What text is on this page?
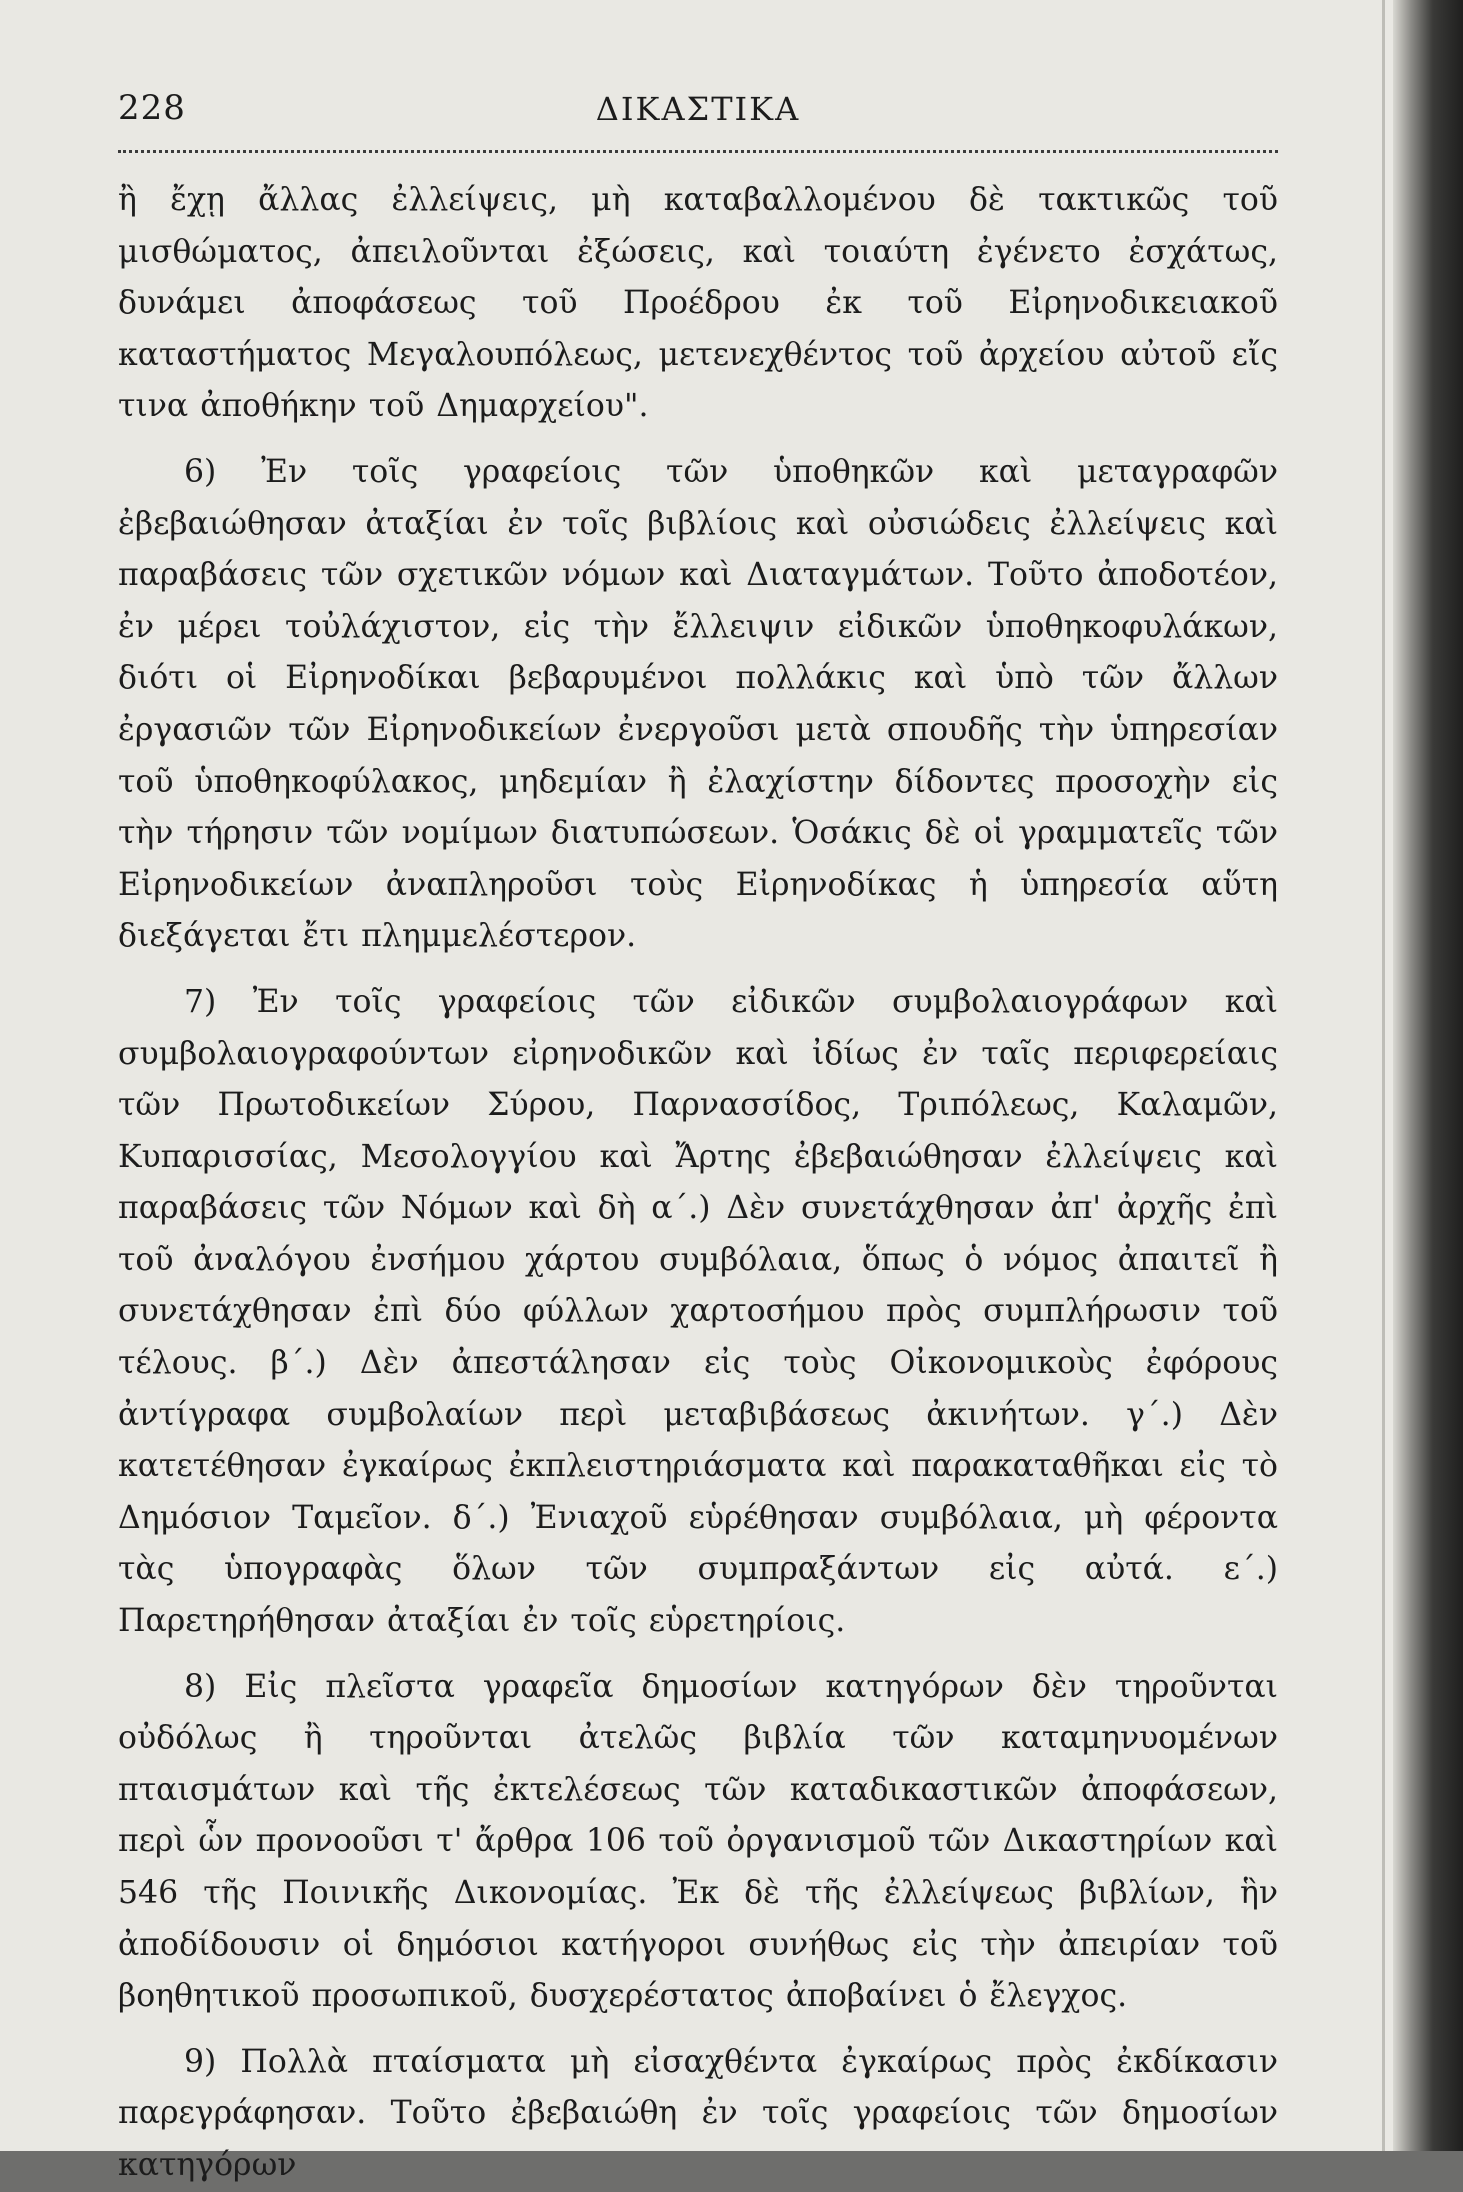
228	ΔΙΚΑΣΤΙΚΑ

ἢ ἔχῃ ἄλλας ἐλλείψεις, μὴ καταβαλλομένου δὲ τακτικῶς τοῦ μισθώματος, ἀπειλοῦνται ἐξώσεις, καὶ τοιαύτη ἐγένετο ἐσχάτως, δυνάμει ἀποφάσεως τοῦ Προέδρου ἐκ τοῦ Εἰρηνοδικειακοῦ καταστήματος Μεγαλουπόλεως, μετενεχθέντος τοῦ ἀρχείου αὐτοῦ εἴς τινα ἀποθήκην τοῦ Δημαρχείου".

6) Ἐν τοῖς γραφείοις τῶν ὑποθηκῶν καὶ μεταγραφῶν ἐβεβαιώθησαν ἀταξίαι ἐν τοῖς βιβλίοις καὶ οὐσιώδεις ἐλλείψεις καὶ παραβάσεις τῶν σχετικῶν νόμων καὶ Διαταγμάτων. Τοῦτο ἀποδοτέον, ἐν μέρει τοὐλάχιστον, εἰς τὴν ἔλλειψιν εἰδικῶν ὑποθηκοφυλάκων, διότι οἱ Εἰρηνοδίκαι βεβαρυμένοι πολλάκις καὶ ὑπὸ τῶν ἄλλων ἐργασιῶν τῶν Εἰρηνοδικείων ἐνεργοῦσι μετὰ σπουδῆς τὴν ὑπηρεσίαν τοῦ ὑποθηκοφύλακος, μηδεμίαν ἢ ἐλαχίστην δίδοντες προσοχὴν εἰς τὴν τήρησιν τῶν νομίμων διατυπώσεων. Ὁσάκις δὲ οἱ γραμματεῖς τῶν Εἰρηνοδικείων ἀναπληροῦσι τοὺς Εἰρηνοδίκας ἡ ὑπηρεσία αὕτη διεξάγεται ἔτι πλημμελέστερον.

7) Ἐν τοῖς γραφείοις τῶν εἰδικῶν συμβολαιογράφων καὶ συμβολαιογραφούντων εἰρηνοδικῶν καὶ ἰδίως ἐν ταῖς περιφερείαις τῶν Πρωτοδικείων Σύρου, Παρνασσίδος, Τριπόλεως, Καλαμῶν, Κυπαρισσίας, Μεσολογγίου καὶ Ἄρτης ἐβεβαιώθησαν ἐλλείψεις καὶ παραβάσεις τῶν Νόμων καὶ δὴ α΄.) Δὲν συνετάχθησαν ἀπ' ἀρχῆς ἐπὶ τοῦ ἀναλόγου ἐνσήμου χάρτου συμβόλαια, ὅπως ὁ νόμος ἀπαιτεῖ ἢ συνετάχθησαν ἐπὶ δύο φύλλων χαρτοσήμου πρὸς συμπλήρωσιν τοῦ τέλους. β΄.) Δὲν ἀπεστάλησαν εἰς τοὺς Οἰκονομικοὺς ἐφόρους ἀντίγραφα συμβολαίων περὶ μεταβιβάσεως ἀκινήτων. γ΄.) Δὲν κατετέθησαν ἐγκαίρως ἐκπλειστηριάσματα καὶ παρακαταθῆκαι εἰς τὸ Δημόσιον Ταμεῖον. δ΄.) Ἐνιαχοῦ εὑρέθησαν συμβόλαια, μὴ φέροντα τὰς ὑπογραφὰς ὅλων τῶν συμπραξάντων εἰς αὐτά. ε΄.) Παρετηρήθησαν ἀταξίαι ἐν τοῖς εὑρετηρίοις.

8) Εἰς πλεῖστα γραφεῖα δημοσίων κατηγόρων δὲν τηροῦνται οὐδόλως ἢ τηροῦνται ἀτελῶς βιβλία τῶν καταμηνυομένων πταισμάτων καὶ τῆς ἐκτελέσεως τῶν καταδικαστικῶν ἀποφάσεων, περὶ ὧν προνοοῦσι τ' ἄρθρα 106 τοῦ ὀργανισμοῦ τῶν Δικαστηρίων καὶ 546 τῆς Ποινικῆς Δικονομίας. Ἐκ δὲ τῆς ἐλλείψεως βιβλίων, ἣν ἀποδίδουσιν οἱ δημόσιοι κατήγοροι συνήθως εἰς τὴν ἀπειρίαν τοῦ βοηθητικοῦ προσωπικοῦ, δυσχερέστατος ἀποβαίνει ὁ ἔλεγχος.

9) Πολλὰ πταίσματα μὴ εἰσαχθέντα ἐγκαίρως πρὸς ἐκδίκασιν παρεγράφησαν. Τοῦτο ἐβεβαιώθη ἐν τοῖς γραφείοις τῶν δημοσίων κατηγόρων
